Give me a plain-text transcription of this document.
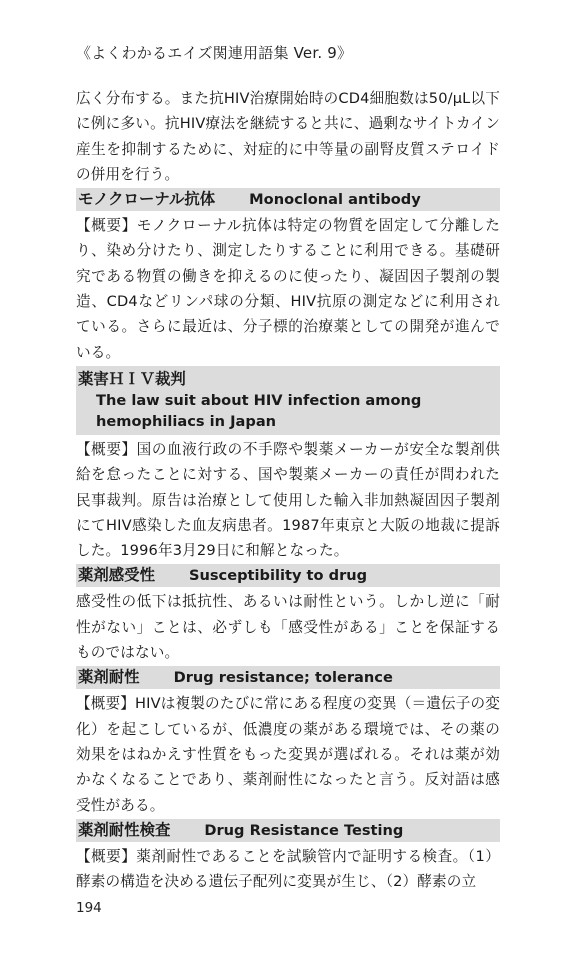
《よくわかるエイズ関連用語集 Ver. 9》

広く分布する。また抗HIV治療開始時のCD4細胞数は50/μL以下に例に多い。抗HIV療法を継続すると共に、過剰なサイトカイン産生を抑制するために、対症的に中等量の副腎皮質ステロイドの併用を行う。

モノクローナル抗体 Monoclonal antibody

【概要】モノクローナル抗体は特定の物質を固定して分離したり、染め分けたり、測定したりすることに利用できる。基礎研究である物質の働きを抑えるのに使ったり、凝固因子製剤の製造、CD4などリンパ球の分類、HIV抗原の測定などに利用されている。さらに最近は、分子標的治療薬としての開発が進んでいる。

薬害ＨＩＶ裁判
The law suit about HIV infection among
hemophiliacs in Japan

【概要】国の血液行政の不手際や製薬メーカーが安全な製剤供給を怠ったことに対する、国や製薬メーカーの責任が問われた民事裁判。原告は治療として使用した輸入非加熱凝固因子製剤にてHIV感染した血友病患者。1987年東京と大阪の地裁に提訴した。1996年3月29日に和解となった。

薬剤感受性 Susceptibility to drug

感受性の低下は抵抗性、あるいは耐性という。しかし逆に「耐性がない」ことは、必ずしも「感受性がある」ことを保証するものではない。

薬剤耐性 Drug resistance; tolerance

【概要】HIVは複製のたびに常にある程度の変異（＝遺伝子の変化）を起こしているが、低濃度の薬がある環境では、その薬の効果をはねかえす性質をもった変異が選ばれる。それは薬が効かなくなることであり、薬剤耐性になったと言う。反対語は感受性がある。

薬剤耐性検査 Drug Resistance Testing

【概要】薬剤耐性であることを試験管内で証明する検査。（1）酵素の構造を決める遺伝子配列に変異が生じ、（2）酵素の立

194
